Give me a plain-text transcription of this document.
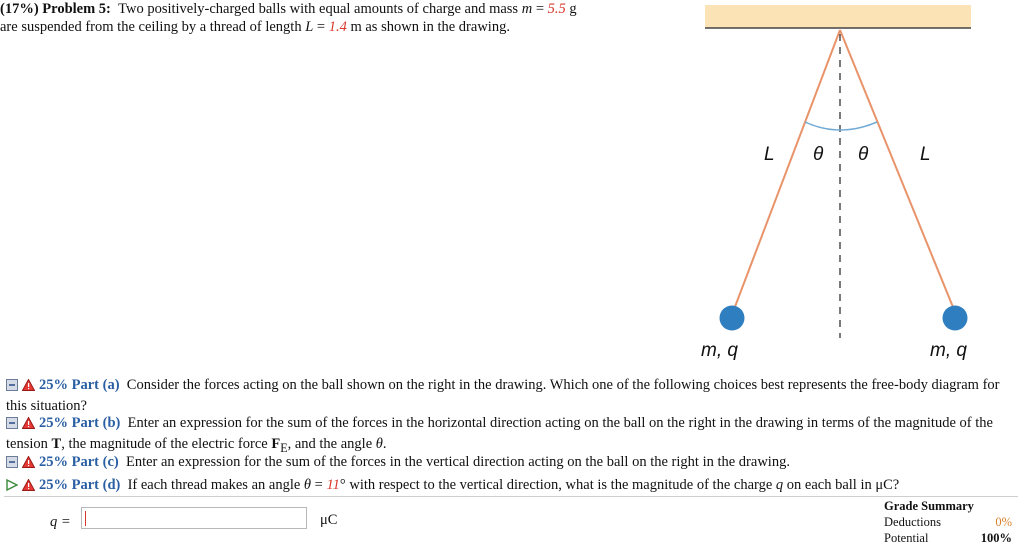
(17%) Problem 5: Two positively-charged balls with equal amounts of charge and mass m = 5.5 g
are suspended from the ceiling by a thread of length L = 1.4 m as shown in the drawing.
L θ θ	L
m, q	m, q
25% Part (a) Consider the forces acting on the ball shown on the right in the drawing. Which one of the following choices best represents the free-body diagram for this situation?
25% Part (b) Enter an expression for the sum of the forces in the horizontal direction acting on the ball on the right in the drawing in terms of the magnitude of the tension T, the magnitude of the electric force $F_E$, and the angle θ.
25% Part (c) Enter an expression for the sum of the forces in the vertical direction acting on the ball on the right in the drawing.
25% Part (d) If each thread makes an angle θ = 11° with respect to the vertical direction, what is the magnitude of the charge q on each ball in μC?
q =	μC
Grade Summary
Deductions	0%
Potential	100%
